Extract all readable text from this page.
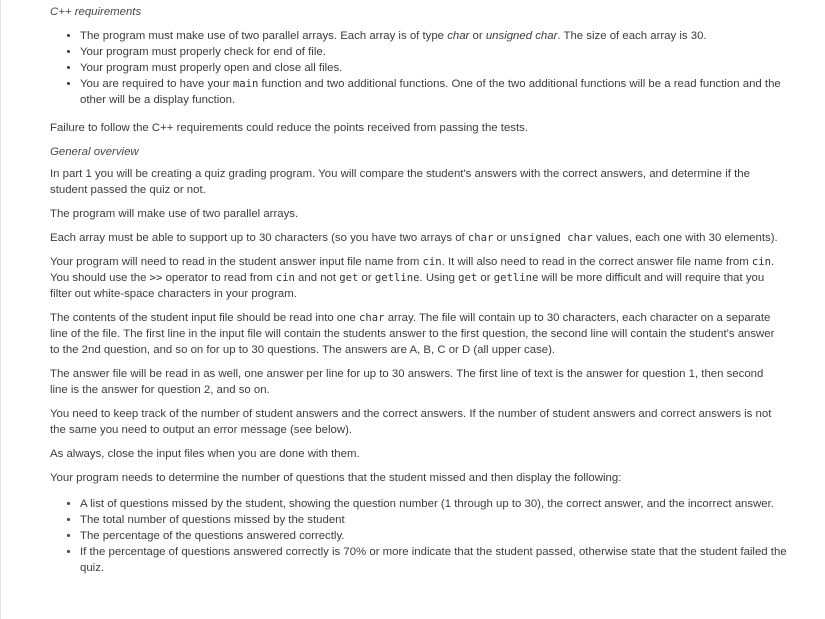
C++ requirements
• The program must make use of two parallel arrays. Each array is of type char or unsigned char. The size of each array is 30.
• Your program must properly check for end of file.
• Your program must properly open and close all files.
• You are required to have your main function and two additional functions. One of the two additional functions will be a read function and the other will be a display function.

Failure to follow the C++ requirements could reduce the points received from passing the tests.

General overview

In part 1 you will be creating a quiz grading program. You will compare the student's answers with the correct answers, and determine if the student passed the quiz or not.

The program will make use of two parallel arrays.

Each array must be able to support up to 30 characters (so you have two arrays of char or unsigned char values, each one with 30 elements).

Your program will need to read in the student answer input file name from cin. It will also need to read in the correct answer file name from cin. You should use the >> operator to read from cin and not get or getline. Using get or getline will be more difficult and will require that you filter out white-space characters in your program.

The contents of the student input file should be read into one char array. The file will contain up to 30 characters, each character on a separate line of the file. The first line in the input file will contain the students answer to the first question, the second line will contain the student's answer to the 2nd question, and so on for up to 30 questions. The answers are A, B, C or D (all upper case).

The answer file will be read in as well, one answer per line for up to 30 answers. The first line of text is the answer for question 1, then second line is the answer for question 2, and so on.

You need to keep track of the number of student answers and the correct answers. If the number of student answers and correct answers is not the same you need to output an error message (see below).

As always, close the input files when you are done with them.

Your program needs to determine the number of questions that the student missed and then display the following:

• A list of questions missed by the student, showing the question number (1 through up to 30), the correct answer, and the incorrect answer.
• The total number of questions missed by the student
• The percentage of the questions answered correctly.
• If the percentage of questions answered correctly is 70% or more indicate that the student passed, otherwise state that the student failed the quiz.
